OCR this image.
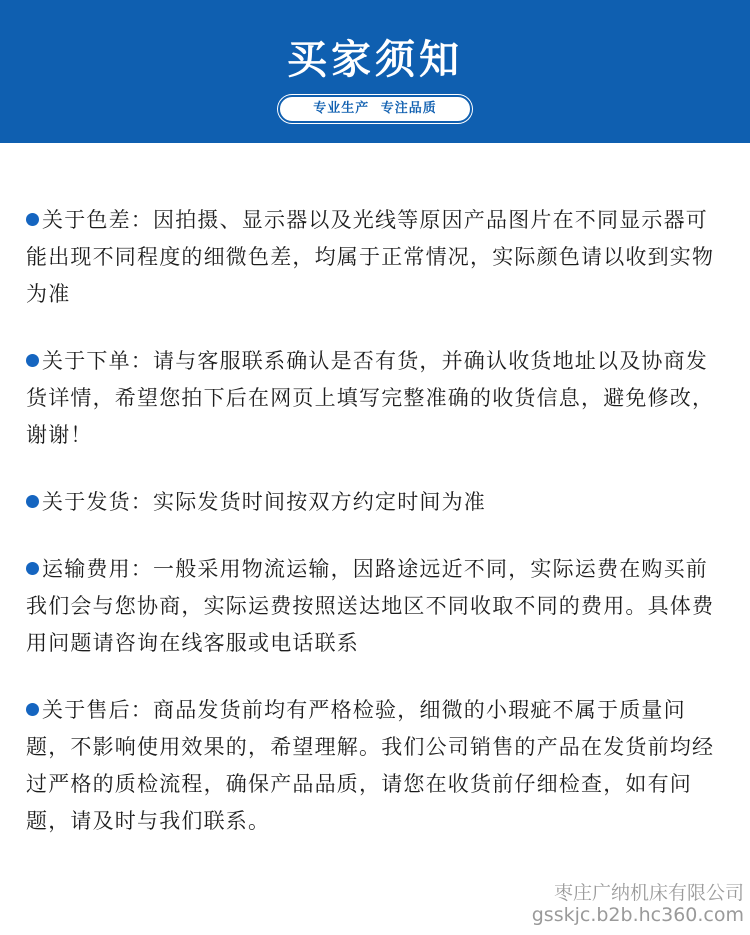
买家须知
专业生产 专注品质

关于色差：因拍摄、显示器以及光线等原因产品图片在不同显示器可能出现不同程度的细微色差，均属于正常情况，实际颜色请以收到实物为准

关于下单：请与客服联系确认是否有货，并确认收货地址以及协商发货详情，希望您拍下后在网页上填写完整准确的收货信息，避免修改，谢谢！

关于发货：实际发货时间按双方约定时间为准

运输费用：一般采用物流运输，因路途远近不同，实际运费在购买前我们会与您协商，实际运费按照送达地区不同收取不同的费用。具体费用问题请咨询在线客服或电话联系

关于售后：商品发货前均有严格检验，细微的小瑕疵不属于质量问题，不影响使用效果的，希望理解。我们公司销售的产品在发货前均经过严格的质检流程，确保产品品质，请您在收货前仔细检查，如有问题，请及时与我们联系。

枣庄广纳机床有限公司
gsskjc.b2b.hc360.com
